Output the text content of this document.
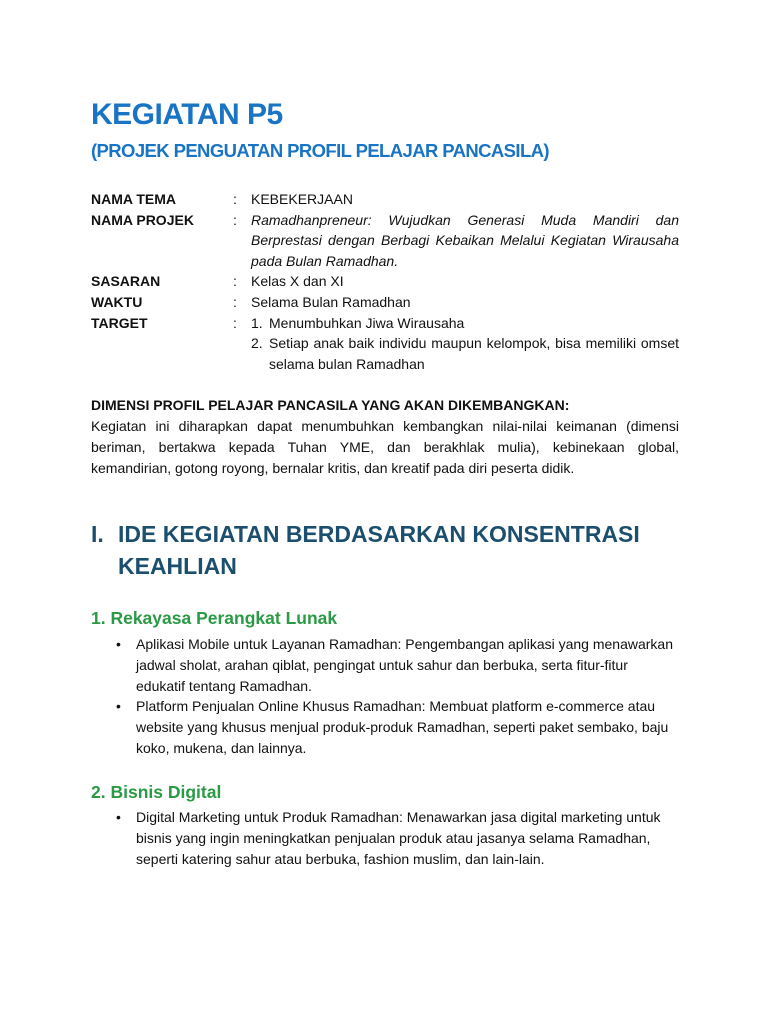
KEGIATAN P5
(PROJEK PENGUATAN PROFIL PELAJAR PANCASILA)
NAMA TEMA	:	KEBEKERJAAN
NAMA PROJEK	:	Ramadhanpreneur: Wujudkan Generasi Muda Mandiri dan Berprestasi dengan Berbagi Kebaikan Melalui Kegiatan Wirausaha pada Bulan Ramadhan.
SASARAN	:	Kelas X dan XI
WAKTU	:	Selama Bulan Ramadhan
TARGET	:	1. Menumbuhkan Jiwa Wirausaha
2. Setiap anak baik individu maupun kelompok, bisa memiliki omset selama bulan Ramadhan

DIMENSI PROFIL PELAJAR PANCASILA YANG AKAN DIKEMBANGKAN:

Kegiatan ini diharapkan dapat menumbuhkan kembangkan nilai-nilai keimanan (dimensi beriman, bertakwa kepada Tuhan YME, dan berakhlak mulia), kebinekaan global, kemandirian, gotong royong, bernalar kritis, dan kreatif pada diri peserta didik.

I. IDE KEGIATAN BERDASARKAN KONSENTRASI KEAHLIAN
1. Rekayasa Perangkat Lunak
• Aplikasi Mobile untuk Layanan Ramadhan: Pengembangan aplikasi yang menawarkan jadwal sholat, arahan qiblat, pengingat untuk sahur dan berbuka, serta fitur-fitur edukatif tentang Ramadhan.
• Platform Penjualan Online Khusus Ramadhan: Membuat platform e-commerce atau website yang khusus menjual produk-produk Ramadhan, seperti paket sembako, baju koko, mukena, dan lainnya.
2. Bisnis Digital
• Digital Marketing untuk Produk Ramadhan: Menawarkan jasa digital marketing untuk bisnis yang ingin meningkatkan penjualan produk atau jasanya selama Ramadhan, seperti katering sahur atau berbuka, fashion muslim, dan lain-lain.
